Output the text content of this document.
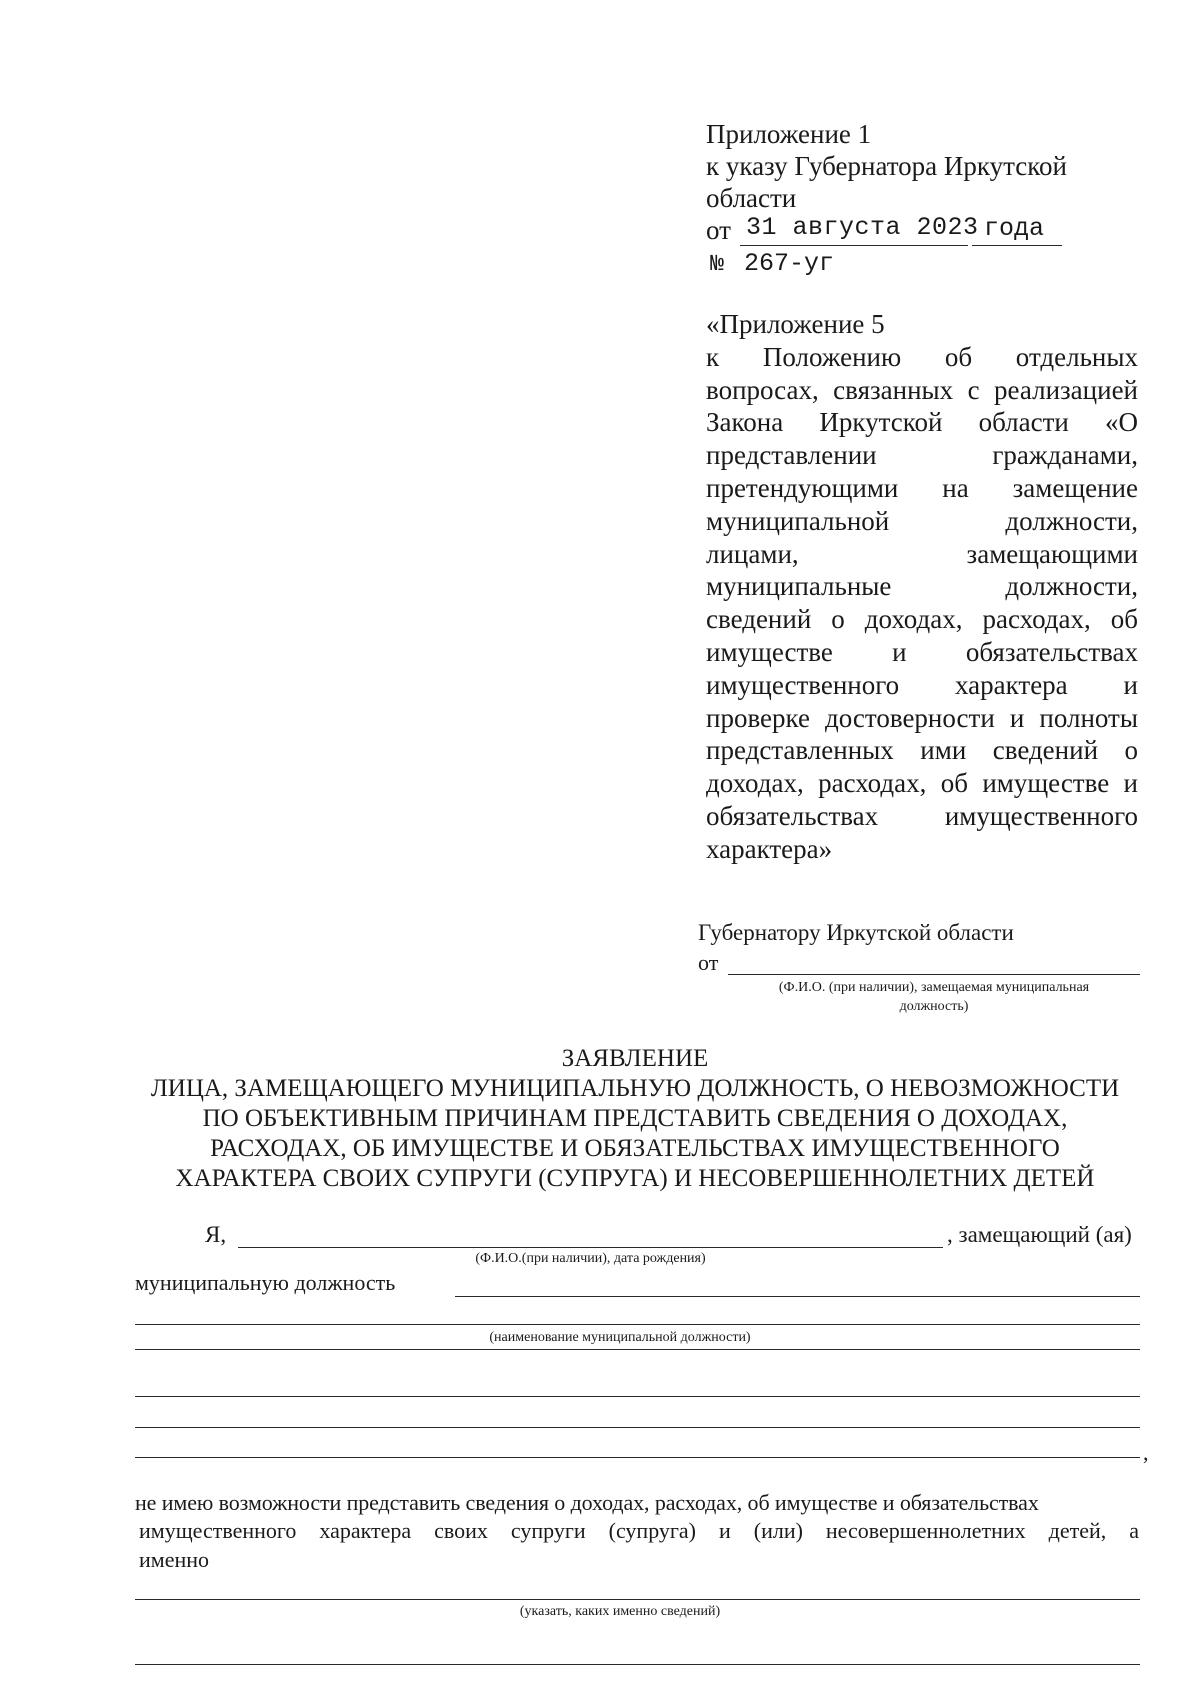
Приложение 1
к указу Губернатора Иркутской
области
от 31 августа 2023 года
№ 267-уг
«Приложение 5
к Положению об отдельных
вопросах, связанных с реализацией
Закона Иркутской области «О
представлении гражданами,
претендующими на замещение
муниципальной должности,
лицами, замещающими
муниципальные должности,
сведений о доходах, расходах, об
имуществе и обязательствах
имущественного характера и
проверке достоверности и полноты
представленных ими сведений о
доходах, расходах, об имуществе и
обязательствах имущественного
характера»
Губернатору Иркутской области
от
(Ф.И.О. (при наличии), замещаемая муниципальная
должность)
ЗАЯВЛЕНИЕ
ЛИЦА, ЗАМЕЩАЮЩЕГО МУНИЦИПАЛЬНУЮ ДОЛЖНОСТЬ, О НЕВОЗМОЖНОСТИ
ПО ОБЪЕКТИВНЫМ ПРИЧИНАМ ПРЕДСТАВИТЬ СВЕДЕНИЯ О ДОХОДАХ,
РАСХОДАХ, ОБ ИМУЩЕСТВЕ И ОБЯЗАТЕЛЬСТВАХ ИМУЩЕСТВЕННОГО
ХАРАКТЕРА СВОИХ СУПРУГИ (СУПРУГА) И НЕСОВЕРШЕННОЛЕТНИХ ДЕТЕЙ
Я,	, замещающий (ая)
(Ф.И.О.(при наличии), дата рождения)
муниципальную должность
(наименование муниципальной должности)
,
не имею возможности представить сведения о доходах, расходах, об имуществе и обязательствах
имущественного характера своих супруги (супруга) и (или) несовершеннолетних детей, а
именно
(указать, каких именно сведений)
